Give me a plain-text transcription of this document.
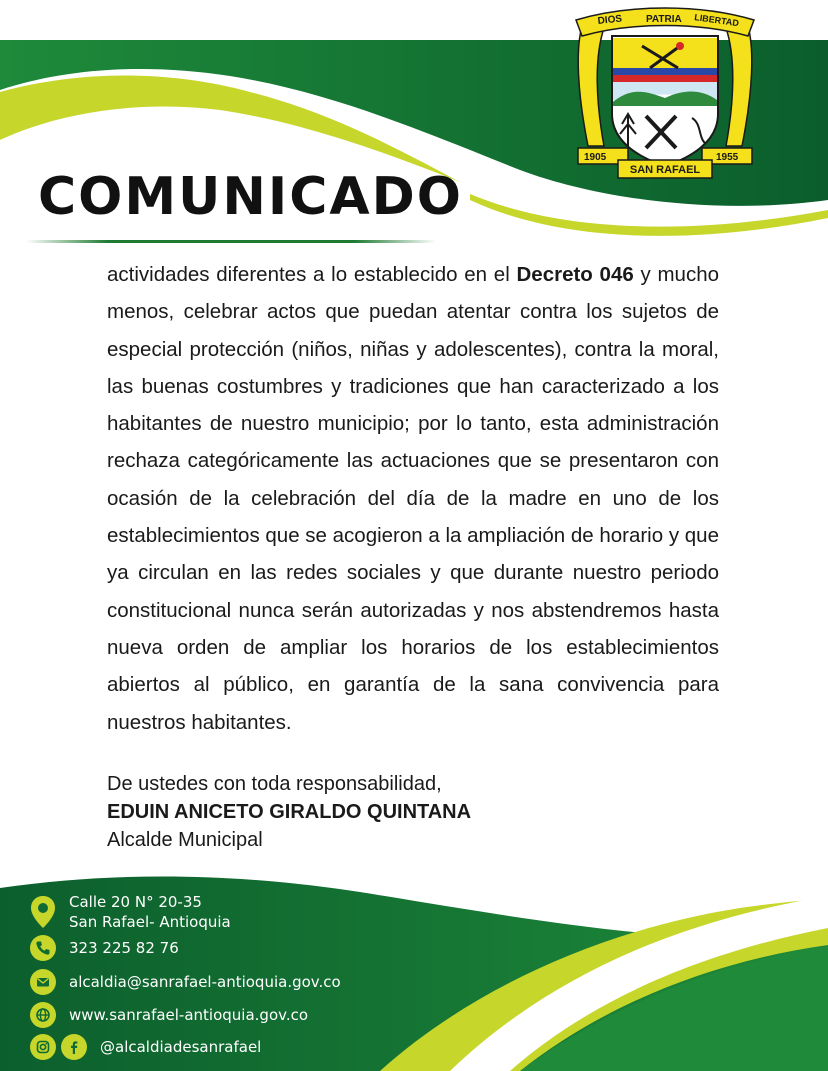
DIOS PATRIA LIBERTAD
1905	1955
SAN RAFAEL
COMUNICADO

actividades diferentes a lo establecido en el Decreto 046 y mucho menos, celebrar actos que puedan atentar contra los sujetos de especial protección (niños, niñas y adolescentes), contra la moral, las buenas costumbres y tradiciones que han caracterizado a los habitantes de nuestro municipio; por lo tanto, esta administración rechaza categóricamente las actuaciones que se presentaron con ocasión de la celebración del día de la madre en uno de los establecimientos que se acogieron a la ampliación de horario y que ya circulan en las redes sociales y que durante nuestro periodo constitucional nunca serán autorizadas y nos abstendremos hasta nueva orden de ampliar los horarios de los establecimientos abiertos al público, en garantía de la sana convivencia para nuestros habitantes.

De ustedes con toda responsabilidad,
EDUIN ANICETO GIRALDO QUINTANA
Alcalde Municipal
Calle 20 N° 20-35
San Rafael- Antioquia
323 225 82 76
alcaldia@sanrafael-antioquia.gov.co
www.sanrafael-antioquia.gov.co
@alcaldiadesanrafael
